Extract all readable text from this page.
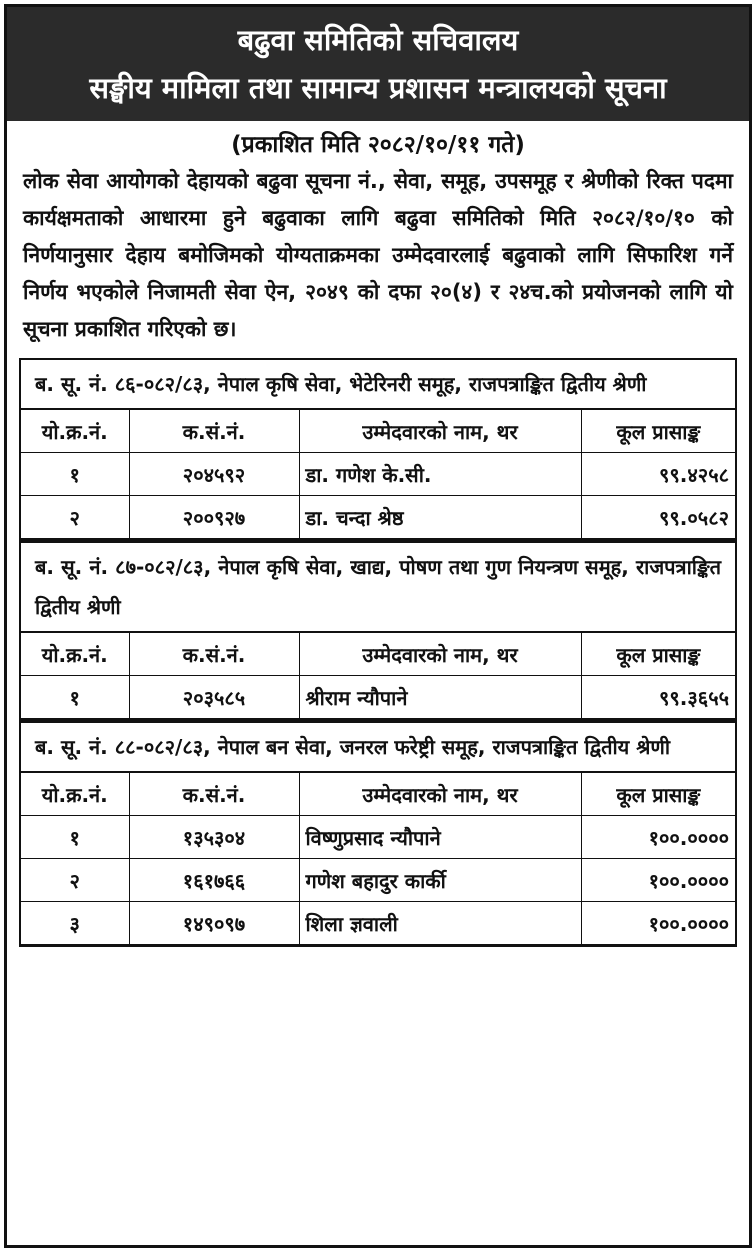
बढुवा समितिको सचिवालय
सङ्घीय मामिला तथा सामान्य प्रशासन मन्त्रालयको सूचना
(प्रकाशित मिति २०८२/१०/११ गते)
लोक सेवा आयोगको देहायको बढुवा सूचना नं., सेवा, समूह, उपसमूह र श्रेणीको रिक्त पदमा कार्यक्षमताको आधारमा हुने बढुवाका लागि बढुवा समितिको मिति २०८२/१०/१० को निर्णयानुसार देहाय बमोजिमको योग्यताक्रमका उम्मेदवारलाई बढुवाको लागि सिफारिश गर्ने निर्णय भएकोले निजामती सेवा ऐन, २०४९ को दफा २०(४) र २४च.को प्रयोजनको लागि यो सूचना प्रकाशित गरिएको छ।
ब. सू. नं. ८६-०८२/८३, नेपाल कृषि सेवा, भेटेरिनरी समूह, राजपत्राङ्कित द्वितीय श्रेणी
यो.क्र.नं.	क.सं.नं.	उम्मेदवारको नाम, थर	कूल प्रासाङ्क
१	२०४५९२	डा. गणेश के.सी.	९९.४२५८
२	२००९२७	डा. चन्दा श्रेष्ठ	९९.०५८२
ब. सू. नं. ८७-०८२/८३, नेपाल कृषि सेवा, खाद्य, पोषण तथा गुण नियन्त्रण समूह, राजपत्राङ्कित द्वितीय श्रेणी
यो.क्र.नं.	क.सं.नं.	उम्मेदवारको नाम, थर	कूल प्रासाङ्क
१	२०३५८५	श्रीराम न्यौपाने	९९.३६५५
ब. सू. नं. ८८-०८२/८३, नेपाल बन सेवा, जनरल फरेष्ट्री समूह, राजपत्राङ्कित द्वितीय श्रेणी
यो.क्र.नं.	क.सं.नं.	उम्मेदवारको नाम, थर	कूल प्रासाङ्क
१	१३५३०४	विष्णुप्रसाद न्यौपाने	१००.००००
२	१६१७६६	गणेश बहादुर कार्की	१००.००००
३	१४९०९७	शिला ज्ञवाली	१००.००००
